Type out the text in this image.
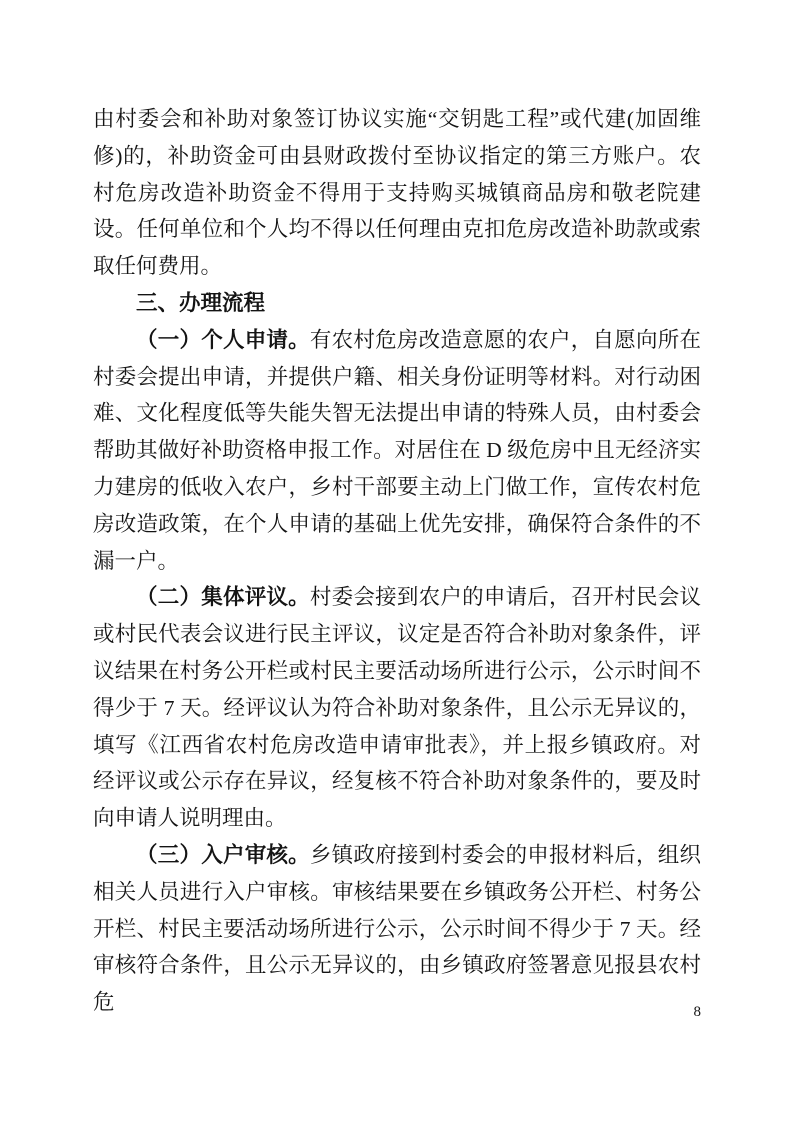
由村委会和补助对象签订协议实施“交钥匙工程”或代建(加固维修)的，补助资金可由县财政拨付至协议指定的第三方账户。农村危房改造补助资金不得用于支持购买城镇商品房和敬老院建设。任何单位和个人均不得以任何理由克扣危房改造补助款或索取任何费用。

三、办理流程

（一）个人申请。有农村危房改造意愿的农户，自愿向所在村委会提出申请，并提供户籍、相关身份证明等材料。对行动困难、文化程度低等失能失智无法提出申请的特殊人员，由村委会帮助其做好补助资格申报工作。对居住在 D 级危房中且无经济实力建房的低收入农户，乡村干部要主动上门做工作，宣传农村危房改造政策，在个人申请的基础上优先安排，确保符合条件的不漏一户。

（二）集体评议。村委会接到农户的申请后，召开村民会议或村民代表会议进行民主评议，议定是否符合补助对象条件，评议结果在村务公开栏或村民主要活动场所进行公示，公示时间不得少于 7 天。经评议认为符合补助对象条件，且公示无异议的，填写《江西省农村危房改造申请审批表》，并上报乡镇政府。对经评议或公示存在异议，经复核不符合补助对象条件的，要及时向申请人说明理由。

（三）入户审核。乡镇政府接到村委会的申报材料后，组织相关人员进行入户审核。审核结果要在乡镇政务公开栏、村务公开栏、村民主要活动场所进行公示，公示时间不得少于 7 天。经审核符合条件，且公示无异议的，由乡镇政府签署意见报县农村危	8
